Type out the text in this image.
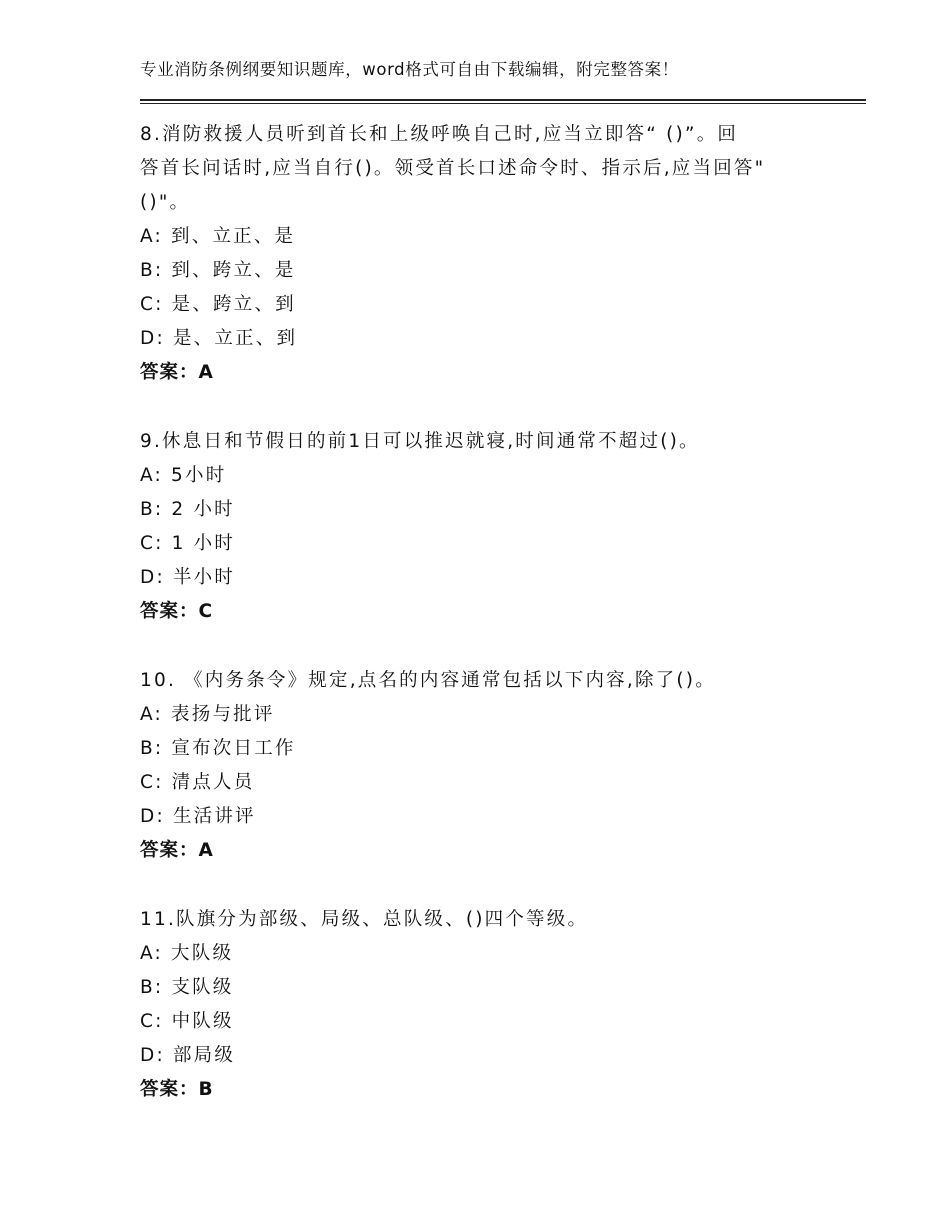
专业消防条例纲要知识题库，word格式可自由下载编辑，附完整答案！
8.消防救援人员听到首长和上级呼唤自己时,应当立即答“ ()”。回
答首长问话时,应当自行()。领受首长口述命令时、指示后,应当回答"
()"。
A: 到、立正、是
B: 到、跨立、是
C: 是、跨立、到
D: 是、立正、到
答案：A
9.休息日和节假日的前1日可以推迟就寝,时间通常不超过()。
A: 5小时
B: 2 小时
C: 1 小时
D: 半小时
答案：C
10. 《内务条令》规定,点名的内容通常包括以下内容,除了()。
A: 表扬与批评
B: 宣布次日工作
C: 清点人员
D: 生活讲评
答案：A
11.队旗分为部级、局级、总队级、()四个等级。
A: 大队级
B: 支队级
C: 中队级
D: 部局级
答案：B
